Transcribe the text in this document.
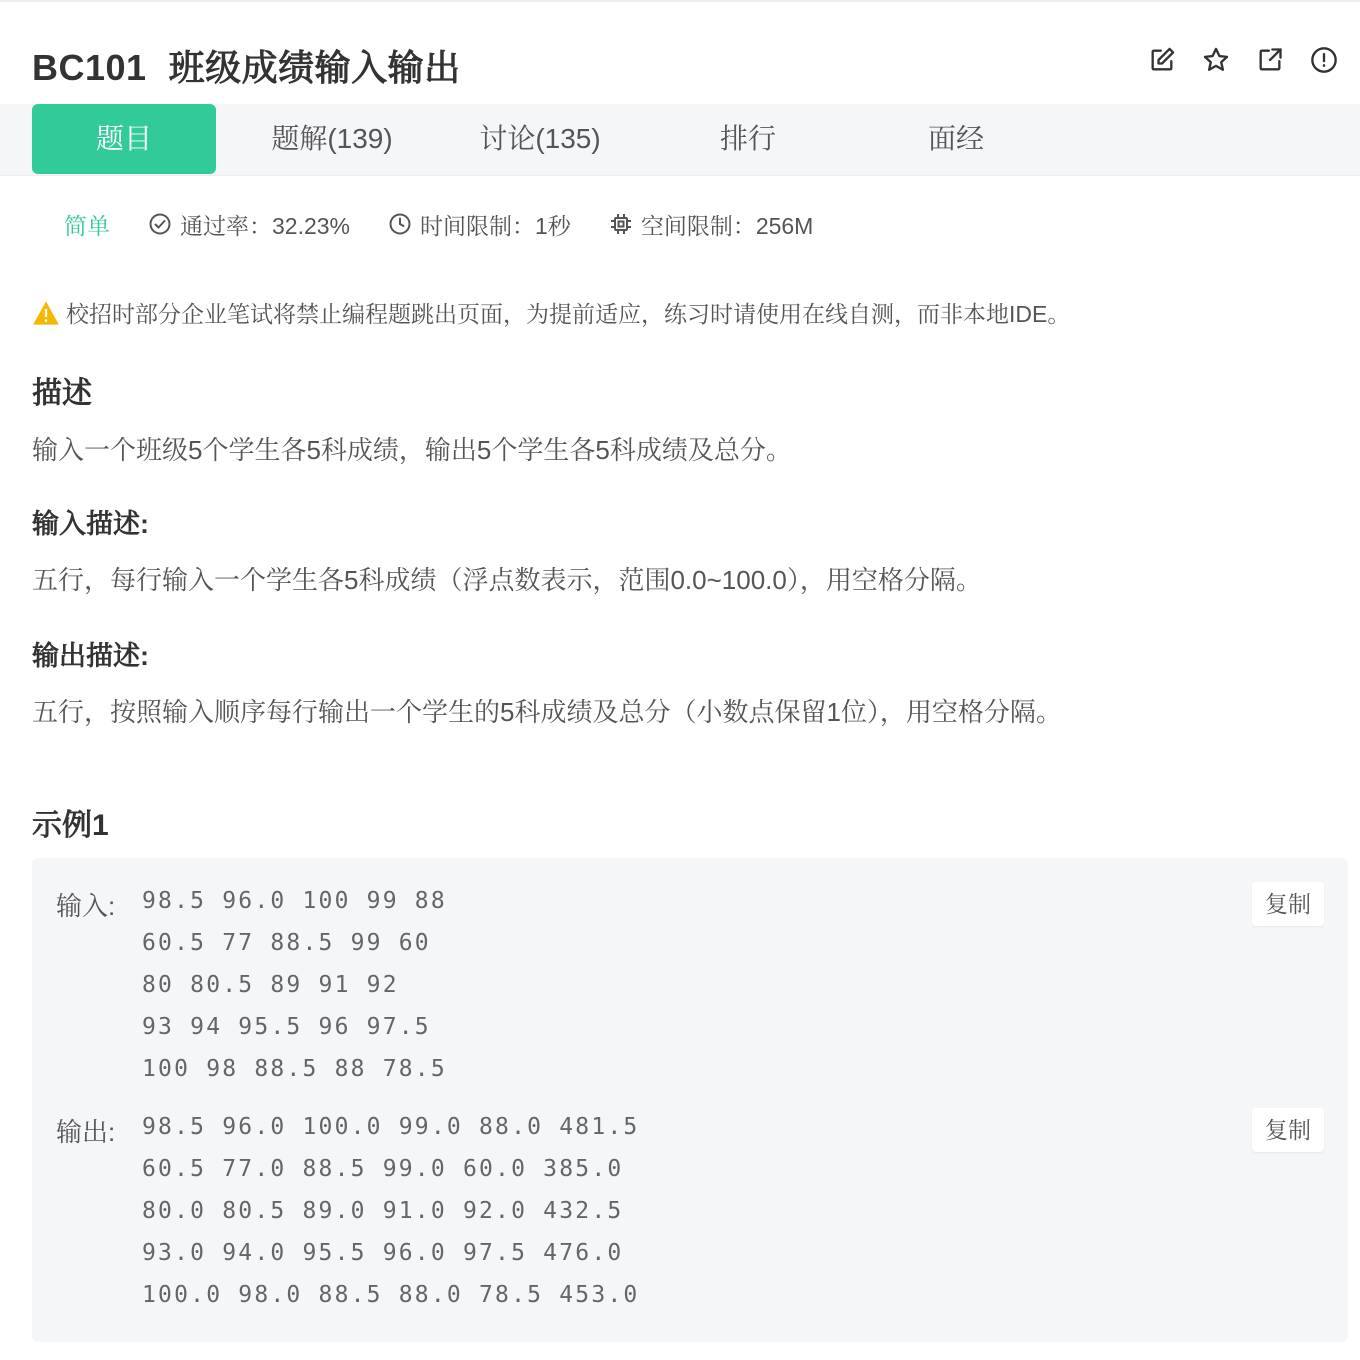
BC101 班级成绩输入输出
题目	题解(139)	讨论(135)	排行	面经
简单	通过率：32.23%	时间限制：1秒	空间限制：256M
校招时部分企业笔试将禁止编程题跳出页面，为提前适应，练习时请使用在线自测，而非本地IDE。
描述
输入一个班级5个学生各5科成绩，输出5个学生各5科成绩及总分。
输入描述:
五行，每行输入一个学生各5科成绩（浮点数表示，范围0.0~100.0），用空格分隔。
输出描述:
五行，按照输入顺序每行输出一个学生的5科成绩及总分（小数点保留1位），用空格分隔。
示例1
输入: 98.5 96.0 100 99 88
60.5 77 88.5 99 60
80 80.5 89 91 92
93 94 95.5 96 97.5
100 98 88.5 88 78.5
复制
输出: 98.5 96.0 100.0 99.0 88.0 481.5
60.5 77.0 88.5 99.0 60.0 385.0
80.0 80.5 89.0 91.0 92.0 432.5
93.0 94.0 95.5 96.0 97.5 476.0
100.0 98.0 88.5 88.0 78.5 453.0
复制
